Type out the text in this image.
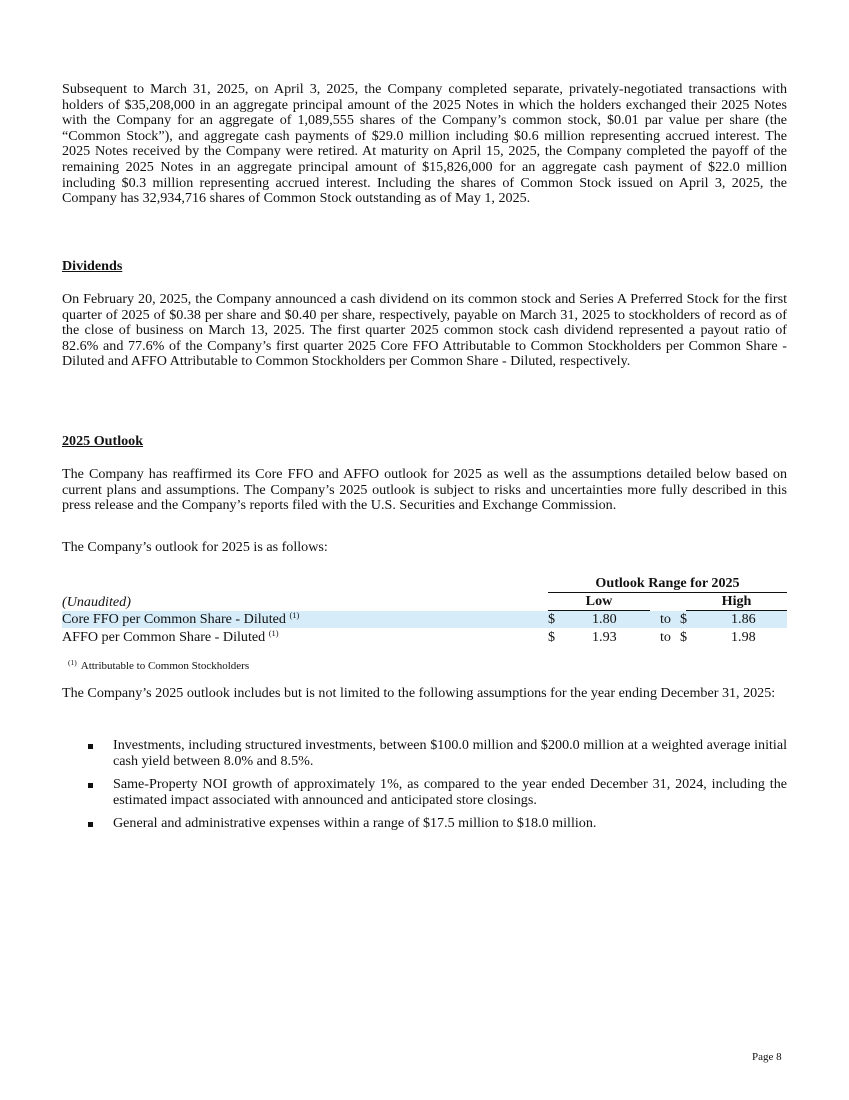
Subsequent to March 31, 2025, on April 3, 2025, the Company completed separate, privately-negotiated transactions with holders of $35,208,000 in an aggregate principal amount of the 2025 Notes in which the holders exchanged their 2025 Notes with the Company for an aggregate of 1,089,555 shares of the Company’s common stock, $0.01 par value per share (the “Common Stock”), and aggregate cash payments of $29.0 million including $0.6 million representing accrued interest. The 2025 Notes received by the Company were retired. At maturity on April 15, 2025, the Company completed the payoff of the remaining 2025 Notes in an aggregate principal amount of $15,826,000 for an aggregate cash payment of $22.0 million including $0.3 million representing accrued interest. Including the shares of Common Stock issued on April 3, 2025, the Company has 32,934,716 shares of Common Stock outstanding as of May 1, 2025.

Dividends

On February 20, 2025, the Company announced a cash dividend on its common stock and Series A Preferred Stock for the first quarter of 2025 of $0.38 per share and $0.40 per share, respectively, payable on March 31, 2025 to stockholders of record as of the close of business on March 13, 2025. The first quarter 2025 common stock cash dividend represented a payout ratio of 82.6% and 77.6% of the Company’s first quarter 2025 Core FFO Attributable to Common Stockholders per Common Share - Diluted and AFFO Attributable to Common Stockholders per Common Share - Diluted, respectively.

2025 Outlook

The Company has reaffirmed its Core FFO and AFFO outlook for 2025 as well as the assumptions detailed below based on current plans and assumptions. The Company’s 2025 outlook is subject to risks and uncertainties more fully described in this press release and the Company’s reports filed with the U.S. Securities and Exchange Commission.

The Company’s outlook for 2025 is as follows:

Outlook Range for 2025
(Unaudited)	Low	High
Core FFO per Common Share - Diluted $^{(1)}$	$	1.80	to $	1.86
AFFO per Common Share - Diluted $^{(1)}$	$	1.93	to $	1.98
$^{(1)}$ Attributable to Common Stockholders

The Company’s 2025 outlook includes but is not limited to the following assumptions for the year ending December 31, 2025:

Investments, including structured investments, between $100.0 million and $200.0 million at a weighted average initial cash yield between 8.0% and 8.5%.
Same-Property NOI growth of approximately 1%, as compared to the year ended December 31, 2024, including the estimated impact associated with announced and anticipated store closings.
General and administrative expenses within a range of $17.5 million to $18.0 million.
Page 8
